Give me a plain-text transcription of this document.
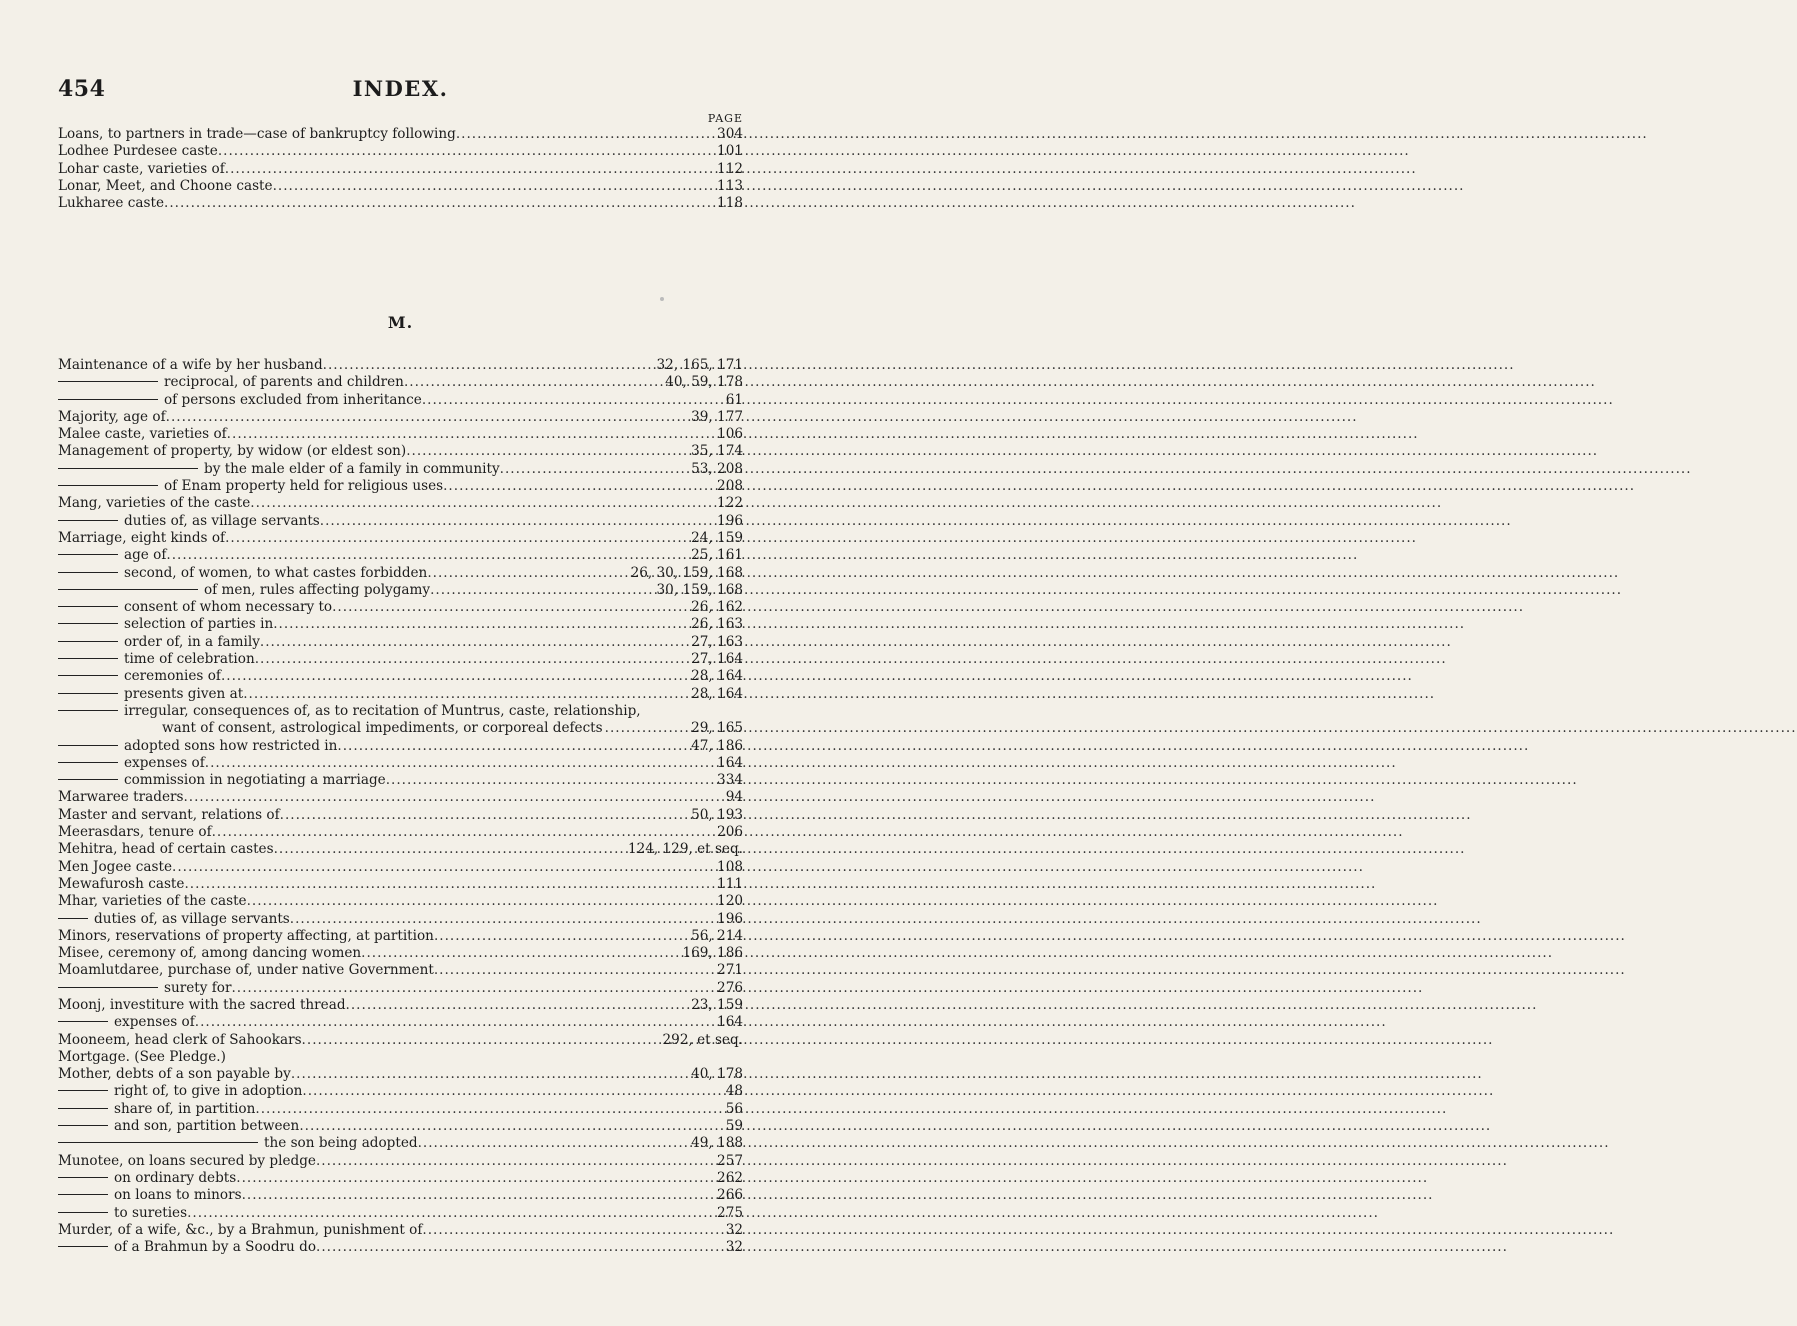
454	INDEX.
PAGE
Loans, to partners in trade—case of bankruptcy following .....	304
Lodhee Purdesee caste .....	101
Lohar caste, varieties of .....	112
Lonar, Meet, and Choone caste .....	113
Lukharee caste .....	118
M.
Maintenance of a wife by her husband .....	32, 165, 171
reciprocal, of parents and children .....	40, 59, 178
of persons excluded from inheritance .....	61
Majority, age of .....	39, 177
Malee caste, varieties of .....	106
Management of property, by widow (or eldest son) .....	35, 174
by the male elder of a family in community .....	53, 208
of Enam property held for religious uses .....	208
Mang, varieties of the caste .....	122
duties of, as village servants .....	196
Marriage, eight kinds of .....	24, 159
age of .....	25, 161
second, of women, to what castes forbidden .....	26, 30, 159, 168
of men, rules affecting polygamy .....	30, 159, 168
consent of whom necessary to .....	26, 162
selection of parties in .....	26, 163
order of, in a family .....	27, 163
time of celebration .....	27, 164
ceremonies of .....	28, 164
presents given at .....	28, 164
irregular, consequences of, as to recitation of Muntrus, caste, relationship,
want of consent, astrological impediments, or corporeal defects .....	29, 165
adopted sons how restricted in .....	47, 186
expenses of .....	164
commission in negotiating a marriage .....	334
Marwaree traders .....	94
Master and servant, relations of .....	50, 193
Meerasdars, tenure of .....	206
Mehitra, head of certain castes .....	124, 129, et seq.
Men Jogee caste .....	108
Mewafurosh caste .....	111
Mhar, varieties of the caste .....	120
duties of, as village servants .....	196
Minors, reservations of property affecting, at partition .....	56, 214
Misee, ceremony of, among dancing women .....	169, 186
Moamlutdaree, purchase of, under native Government .....	271
surety for .....	276
Moonj, investiture with the sacred thread .....	23, 159
expenses of .....	164
Mooneem, head clerk of Sahookars .....	292, et seq.
Mortgage. (See Pledge.)
Mother, debts of a son payable by .....	40, 178
right of, to give in adoption .....	48
share of, in partition .....	56
and son, partition between .....	59
the son being adopted .....	49, 188
Munotee, on loans secured by pledge .....	257
on ordinary debts .....	262
on loans to minors .....	266
to sureties .....	275
Murder, of a wife, &c., by a Brahmun, punishment of .....	32
of a Brahmun by a Soodru do .....	32
